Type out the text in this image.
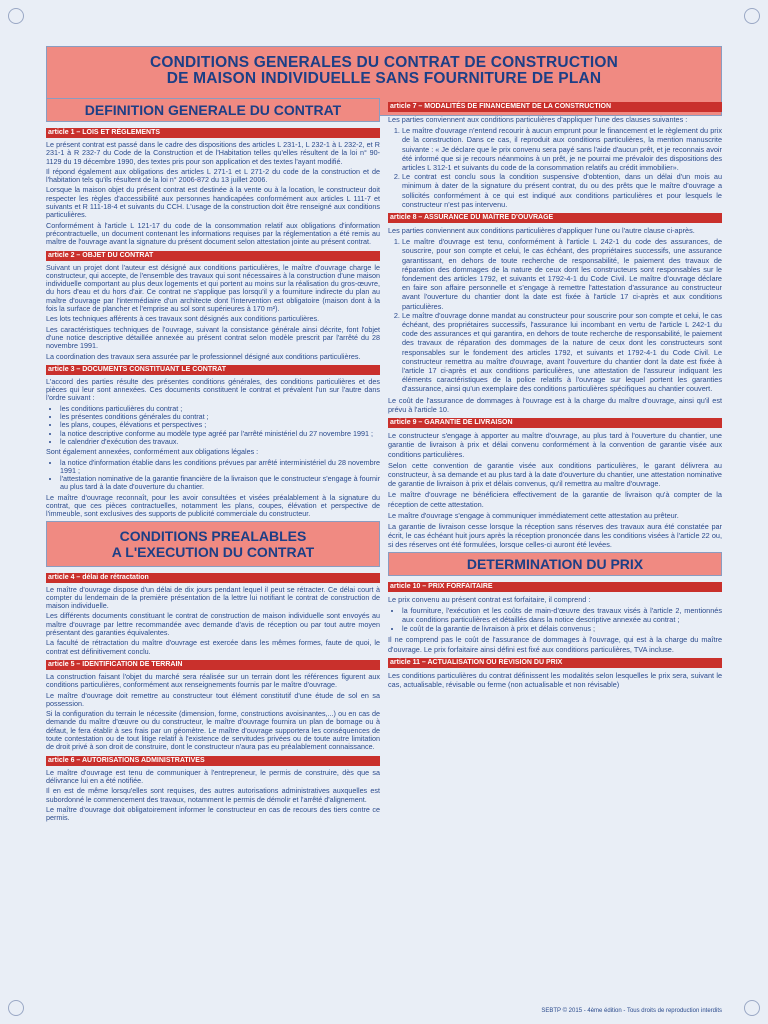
CONDITIONS GENERALES DU CONTRAT DE CONSTRUCTION
DE MAISON INDIVIDUELLE SANS FOURNITURE DE PLAN
DEFINITION GENERALE DU CONTRAT
article 1 – LOIS ET RÈGLEMENTS

Le présent contrat est passé dans le cadre des dispositions des articles L 231-1, L 232-1 à L 232-2, et R 231-1 à R 232-7 du Code de la Construction et de l'Habitation telles qu'elles résultent de la loi n° 90-1129 du 19 décembre 1990, des textes pris pour son application et des textes l'ayant modifié.

Il répond également aux obligations des articles L 271-1 et L 271-2 du code de la construction et de l'habitation tels qu'ils résultent de la loi n° 2006-872 du 13 juillet 2006.

Lorsque la maison objet du présent contrat est destinée à la vente ou à la location, le constructeur doit respecter les règles d'accessibilité aux personnes handicapées conformément aux articles L 111-7 et suivants et R 111-18-4 et suivants du CCH. L'usage de la construction doit être renseigné aux conditions particulières.

Conformément à l'article L 121-17 du code de la consommation relatif aux obligations d'information précontractuelle, un document contenant les informations requises par la réglementation a été remis au maître de l'ouvrage avant la signature du présent document selon attestation jointe au présent contrat.

article 2 – OBJET DU CONTRAT

Suivant un projet dont l'auteur est désigné aux conditions particulières, le maître d'ouvrage charge le constructeur, qui accepte, de l'ensemble des travaux qui sont nécessaires à la construction d'une maison individuelle comportant au plus deux logements et qui portent au moins sur la réalisation du gros-œuvre, du hors d'eau et du hors d'air. Ce contrat ne s'applique pas lorsqu'il y a fourniture indirecte du plan au maître d'ouvrage par l'intermédiaire d'un architecte dont l'intervention est obligatoire (maison dont à la fois la surface de plancher et l'emprise au sol sont supérieures à 170 m²).

Les lots techniques afférents à ces travaux sont désignés aux conditions particulières.

Les caractéristiques techniques de l'ouvrage, suivant la consistance générale ainsi décrite, font l'objet d'une notice descriptive détaillée annexée au présent contrat selon modèle prescrit par l'arrêté du 28 novembre 1991.

La coordination des travaux sera assurée par le professionnel désigné aux conditions particulières.

article 3 – DOCUMENTS CONSTITUANT LE CONTRAT

L'accord des parties résulte des présentes conditions générales, des conditions particulières et des pièces qui leur sont annexées. Ces documents constituent le contrat et prévalent l'un sur l'autre dans l'ordre suivant :

• les conditions particulières du contrat ;
• les présentes conditions générales du contrat ;
• les plans, coupes, élévations et perspectives ;
• la notice descriptive conforme au modèle type agréé par l'arrêté ministériel du 27 novembre 1991 ;
• le calendrier d'exécution des travaux.

Sont également annexées, conformément aux obligations légales :

• la notice d'information établie dans les conditions prévues par arrêté interministériel du 28 novembre 1991 ;
• l'attestation nominative de la garantie financière de la livraison que le constructeur s'engage à fournir au plus tard à la date d'ouverture du chantier.

Le maître d'ouvrage reconnaît, pour les avoir consultées et visées préalablement à la signature du contrat, que ces pièces contractuelles, notamment les plans, coupes, élévation et perspective de l'immeuble, sont exclusives des supports de publicité commerciale du constructeur.

CONDITIONS PREALABLES
A L'EXECUTION DU CONTRAT
article 4 – délai de rétractation

Le maître d'ouvrage dispose d'un délai de dix jours pendant lequel il peut se rétracter. Ce délai court à compter du lendemain de la première présentation de la lettre lui notifiant le contrat de construction de maison individuelle.

Les différents documents constituant le contrat de construction de maison individuelle sont envoyés au maître d'ouvrage par lettre recommandée avec demande d'avis de réception ou par tout autre moyen présentant des garanties équivalentes.

La faculté de rétractation du maître d'ouvrage est exercée dans les mêmes formes, faute de quoi, le contrat est définitivement conclu.

article 5 – IDENTIFICATION DE TERRAIN

La construction faisant l'objet du marché sera réalisée sur un terrain dont les références figurent aux conditions particulières, conformément aux renseignements fournis par le maître d'ouvrage.

Le maître d'ouvrage doit remettre au constructeur tout élément constitutif d'une étude de sol en sa possession.

Si la configuration du terrain le nécessite (dimension, forme, constructions avoisinantes,...) ou en cas de demande du maître d'œuvre ou du constructeur, le maître d'ouvrage fournira un plan de bornage ou à défaut, le fera établir à ses frais par un géomètre. Le maître d'ouvrage supportera les conséquences de toute contestation ou de tout litige relatif à l'existence de servitudes privées ou de toute autre limitation de droit privé à son droit de construire, dont le constructeur n'aura pas eu préalablement connaissance.

article 6 – AUTORISATIONS ADMINISTRATIVES

Le maître d'ouvrage est tenu de communiquer à l'entrepreneur, le permis de construire, dès que sa délivrance lui en a été notifiée.

Il en est de même lorsqu'elles sont requises, des autres autorisations administratives auxquelles est subordonné le commencement des travaux, notamment le permis de démolir et l'arrêté d'alignement.

Le maître d'ouvrage doit obligatoirement informer le constructeur en cas de recours des tiers contre ce permis.

article 7 – MODALITÉS DE FINANCEMENT DE LA CONSTRUCTION

Les parties conviennent aux conditions particulières d'appliquer l'une des clauses suivantes :

1. Le maître d'ouvrage n'entend recourir à aucun emprunt pour le financement et le règlement du prix de la construction. Dans ce cas, il reproduit aux conditions particulières, la mention manuscrite suivante : « Je déclare que le prix convenu sera payé sans l'aide d'aucun prêt, et je reconnais avoir été informé que si je recours néanmoins à un prêt, je ne pourrai me prévaloir des dispositions des articles L 312-1 et suivants du code de la consommation relatifs au crédit immobilier».
2. Le contrat est conclu sous la condition suspensive d'obtention, dans un délai d'un mois au minimum à dater de la signature du présent contrat, du ou des prêts que le maître d'ouvrage a sollicités conformément à ce qui est indiqué aux conditions particulières et pour lesquels le constructeur n'est pas intervenu.
article 8 – ASSURANCE DU MAÎTRE D'OUVRAGE

Les parties conviennent aux conditions particulières d'appliquer l'une ou l'autre clause ci-après.

1. Le maître d'ouvrage est tenu, conformément à l'article L 242-1 du code des assurances, de souscrire, pour son compte et celui, le cas échéant, des propriétaires successifs, une assurance garantissant, en dehors de toute recherche de responsabilité, le paiement des travaux de réparation des dommages de la nature de ceux dont les constructeurs sont responsables sur le fondement des articles 1792, et suivants et 1792-4-1 du Code Civil. Le maître d'ouvrage déclare en faire son affaire personnelle et s'engage à remettre l'attestation d'assurance au constructeur avant l'ouverture du chantier dont la date est fixée à l'article 17 ci-après et aux conditions particulières.
2. Le maître d'ouvrage donne mandat au constructeur pour souscrire pour son compte et celui, le cas échéant, des propriétaires successifs, l'assurance lui incombant en vertu de l'article L 242-1 du code des assurances et qui garantira, en dehors de toute recherche de responsabilité, le paiement des travaux de réparation des dommages de la nature de ceux dont les constructeurs sont responsables sur le fondement des articles 1792, et suivants et 1792-4-1 du Code Civil. Le constructeur remettra au maître d'ouvrage, avant l'ouverture du chantier dont la date est fixée à l'article 17 ci-après et aux conditions particulières, une attestation de l'assureur indiquant les éléments caractéristiques de la police relatifs à l'ouvrage sur lequel portent les garanties d'assurance, ainsi qu'un exemplaire des conditions particulières spécifiques au chantier couvert.

Le coût de l'assurance de dommages à l'ouvrage est à la charge du maître d'ouvrage, ainsi qu'il est prévu à l'article 10.

article 9 – GARANTIE DE LIVRAISON

Le constructeur s'engage à apporter au maître d'ouvrage, au plus tard à l'ouverture du chantier, une garantie de livraison à prix et délai convenu conformément à la convention de garantie visée aux conditions particulières.

Selon cette convention de garantie visée aux conditions particulières, le garant délivrera au constructeur, à sa demande et au plus tard à la date d'ouverture du chantier, une attestation nominative de garantie de livraison à prix et délais convenus, qu'il remettra au maître d'ouvrage.

Le maître d'ouvrage ne bénéficiera effectivement de la garantie de livraison qu'à compter de la réception de cette attestation.

Le maître d'ouvrage s'engage à communiquer immédiatement cette attestation au prêteur.

La garantie de livraison cesse lorsque la réception sans réserves des travaux aura été constatée par écrit, le cas échéant huit jours après la réception prononcée dans les conditions visées à l'article 22 ou, si des réserves ont été formulées, lorsque celles-ci auront été levées.

DETERMINATION DU PRIX
article 10 – PRIX FORFAITAIRE

Le prix convenu au présent contrat est forfaitaire, il comprend :

• la fourniture, l'exécution et les coûts de main-d'œuvre des travaux visés à l'article 2, mentionnés aux conditions particulières et détaillés dans la notice descriptive annexée au contrat ;
• le coût de la garantie de livraison à prix et délais convenus ;

Il ne comprend pas le coût de l'assurance de dommages à l'ouvrage, qui est à la charge du maître d'ouvrage. Le prix forfaitaire ainsi défini est fixé aux conditions particulières, TVA incluse.

article 11 – ACTUALISATION OU RÉVISION DU PRIX

Les conditions particulières du contrat définissent les modalités selon lesquelles le prix sera, suivant le cas, actualisable, révisable ou ferme (non actualisable et non révisable)

SEBTP © 2015 - 4ème édition - Tous droits de reproduction interdits
